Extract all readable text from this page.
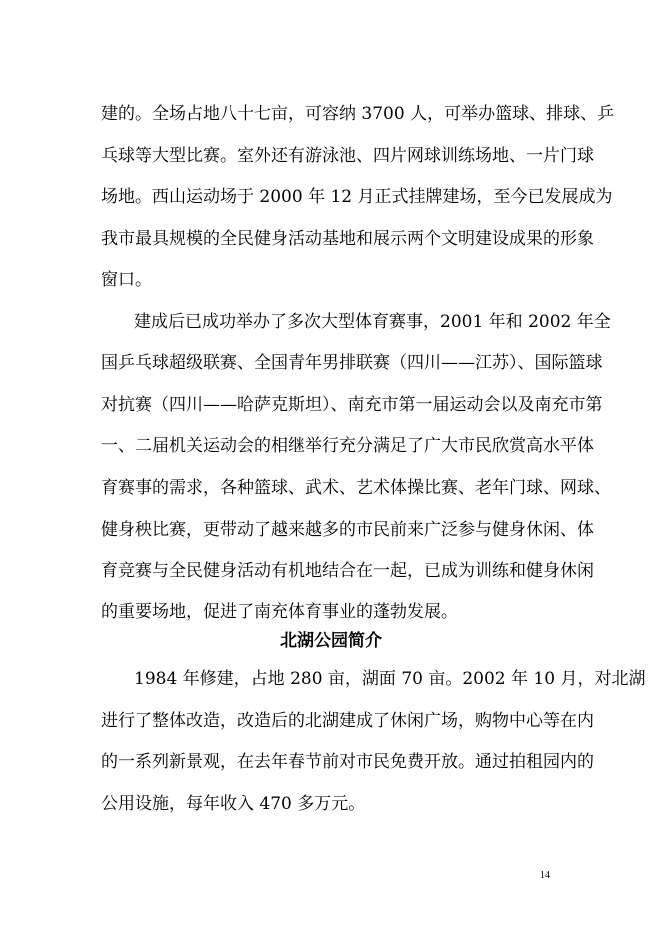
建的。全场占地八十七亩，可容纳 3700 人，可举办篮球、排球、乒
乓球等大型比赛。室外还有游泳池、四片网球训练场地、一片门球
场地。西山运动场于 2000 年 12 月正式挂牌建场，至今已发展成为
我市最具规模的全民健身活动基地和展示两个文明建设成果的形象
窗口。
建成后已成功举办了多次大型体育赛事，2001 年和 2002 年全
国乒乓球超级联赛、全国青年男排联赛（四川——江苏）、国际篮球
对抗赛（四川——哈萨克斯坦）、南充市第一届运动会以及南充市第
一、二届机关运动会的相继举行充分满足了广大市民欣赏高水平体
育赛事的需求，各种篮球、武术、艺术体操比赛、老年门球、网球、
健身秧比赛，更带动了越来越多的市民前来广泛参与健身休闲、体
育竞赛与全民健身活动有机地结合在一起，已成为训练和健身休闲
的重要场地，促进了南充体育事业的蓬勃发展。
北湖公园简介
1984 年修建，占地 280 亩，湖面 70 亩。2002 年 10 月，对北湖
进行了整体改造，改造后的北湖建成了休闲广场，购物中心等在内
的一系列新景观，在去年春节前对市民免费开放。通过拍租园内的
公用设施，每年收入 470 多万元。
14
